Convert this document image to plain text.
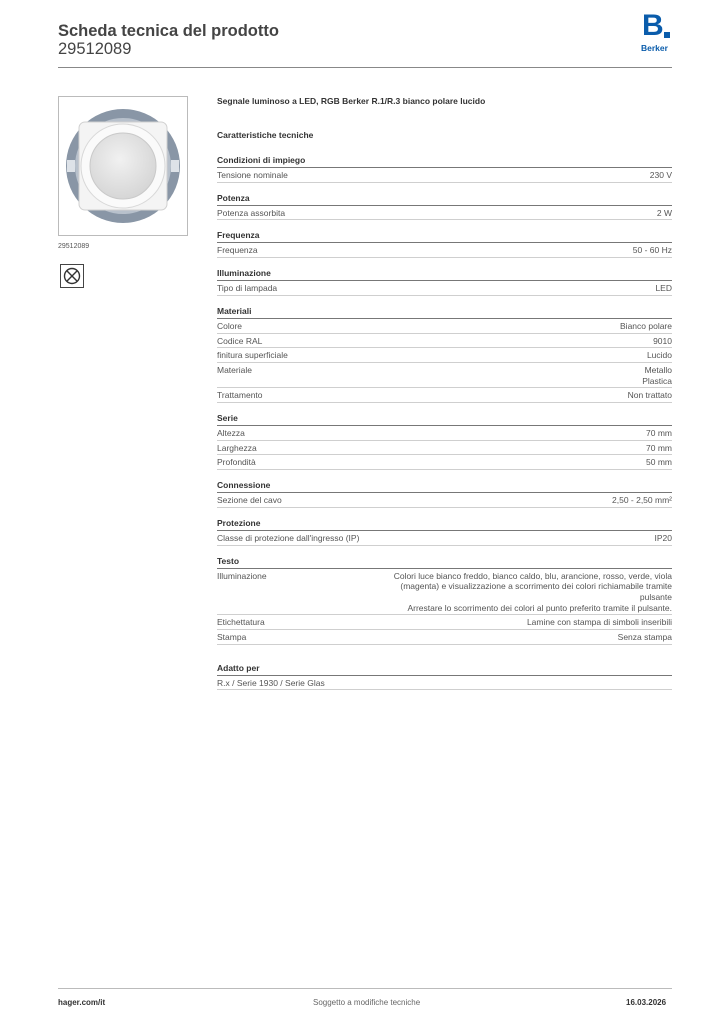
Scheda tecnica del prodotto
29512089
B
Berker
29512089
Segnale luminoso a LED, RGB Berker R.1/R.3 bianco polare lucido
Caratteristiche tecniche
Condizioni di impiego
Tensione nominale	230 V
Potenza
Potenza assorbita	2 W
Frequenza
Frequenza	50 - 60 Hz
Illuminazione
Tipo di lampada	LED
Materiali
Colore	Bianco polare
Codice RAL	9010
finitura superficiale	Lucido
Materiale	Metallo
Plastica
Trattamento	Non trattato
Serie
Altezza	70 mm
Larghezza	70 mm
Profondità	50 mm
Connessione
Sezione del cavo	2,50 - 2,50 mm²
Protezione
Classe di protezione dall'ingresso (IP)	IP20
Testo
Illuminazione	Colori luce bianco freddo, bianco caldo, blu, arancione, rosso, verde, viola (magenta) e visualizzazione a scorrimento dei colori richiamabile tramite pulsante
Arrestare lo scorrimento dei colori al punto preferito tramite il pulsante.
Etichettatura	Lamine con stampa di simboli inseribili
Stampa	Senza stampa
Adatto per
R.x / Serie 1930 / Serie Glas
hager.com/it	Soggetto a modifiche tecniche	16.03.2026
